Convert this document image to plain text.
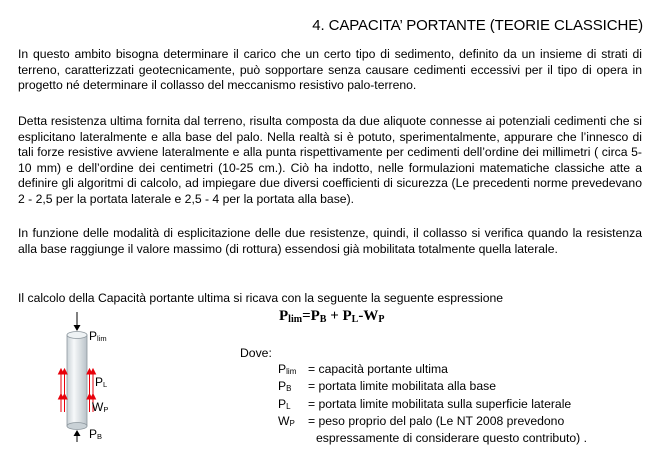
4. CAPACITA’ PORTANTE (TEORIE CLASSICHE)

In questo ambito bisogna determinare il carico che un certo tipo di sedimento, definito da un insieme di strati di terreno, caratterizzati geotecnicamente, può sopportare senza causare cedimenti eccessivi per il tipo di opera in progetto né determinare il collasso del meccanismo resistivo palo-terreno.

Detta resistenza ultima fornita dal terreno, risulta composta da due aliquote connesse ai potenziali cedimenti che si esplicitano lateralmente e alla base del palo. Nella realtà si è potuto, sperimentalmente, appurare che l’innesco di tali forze resistive avviene lateralmente e alla punta rispettivamente per cedimenti dell’ordine dei millimetri ( circa 5-10 mm) e dell’ordine dei centimetri (10-25 cm.). Ciò ha indotto, nelle formulazioni matematiche classiche atte a definire gli algoritmi di calcolo, ad impiegare due diversi coefficienti di sicurezza (Le precedenti norme prevedevano 2 - 2,5 per la portata laterale e 2,5 - 4 per la portata alla base).

In funzione delle modalità di esplicitazione delle due resistenze, quindi, il collasso si verifica quando la resistenza alla base raggiunge il valore massimo (di rottura) essendosi già mobilitata totalmente quella laterale.

Il calcolo della Capacità portante ultima si ricava con la seguente la seguente espressione

$P_{lim}=P_B + P_L-W_P$
$P_{lim}$
$P_L$
$W_P$
$P_B$
Dove:
$P_{lim}$ = capacità portante ultima
$P_B$ = portata limite mobilitata alla base
$P_L$ = portata limite mobilitata sulla superficie laterale
$W_P$ = peso proprio del palo (Le NT 2008 prevedono
espressamente di considerare questo contributo) .
